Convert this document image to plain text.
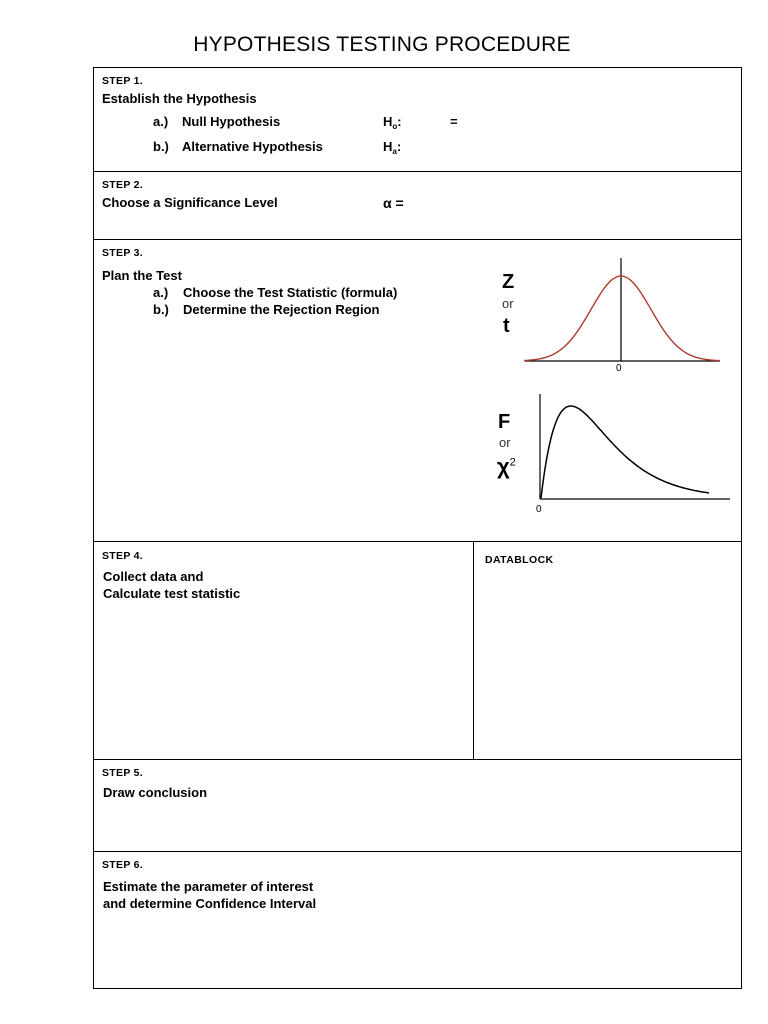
HYPOTHESIS TESTING PROCEDURE
STEP 1.
Establish the Hypothesis
a.) Null Hypothesis	$H_o$:	=
b.) Alternative Hypothesis	$H_a$:
STEP 2.
Choose a Significance Level	α =
STEP 3.
Plan the Test
a.) Choose the Test Statistic (formula)
b.) Determine the Rejection Region
Z
or
t
0
F
or
$\chi^2$
0
STEP 4.
Collect data and
Calculate test statistic
DATABLOCK
STEP 5.
Draw conclusion
STEP 6.
Estimate the parameter of interest
and determine Confidence Interval
